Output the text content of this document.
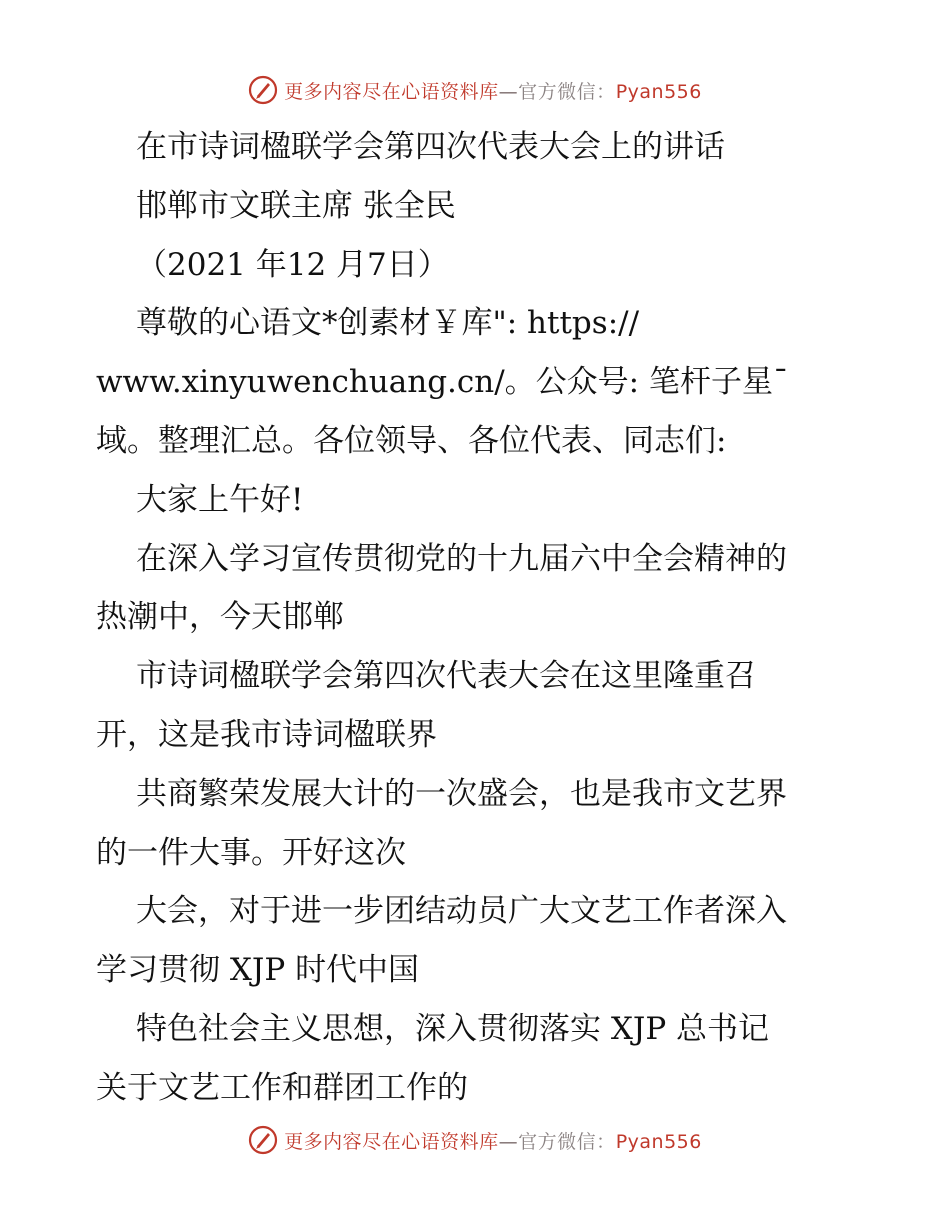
更多内容尽在心语资料库—官方微信：Pyan556
在市诗词楹联学会第四次代表大会上的讲话
邯郸市文联主席 张全民
（2021 年12 月7日）
尊敬的心语文*创素材￥库": https://
www.xinyuwenchuang.cn/。公众号: 笔杆子星¯
域。整理汇总。各位领导、各位代表、同志们:
大家上午好!
在深入学习宣传贯彻党的十九届六中全会精神的
热潮中，今天邯郸
市诗词楹联学会第四次代表大会在这里隆重召
开，这是我市诗词楹联界
共商繁荣发展大计的一次盛会，也是我市文艺界
的一件大事。开好这次
大会，对于进一步团结动员广大文艺工作者深入
学习贯彻 XJP 时代中国
特色社会主义思想，深入贯彻落实 XJP 总书记
关于文艺工作和群团工作的
更多内容尽在心语资料库—官方微信：Pyan556
